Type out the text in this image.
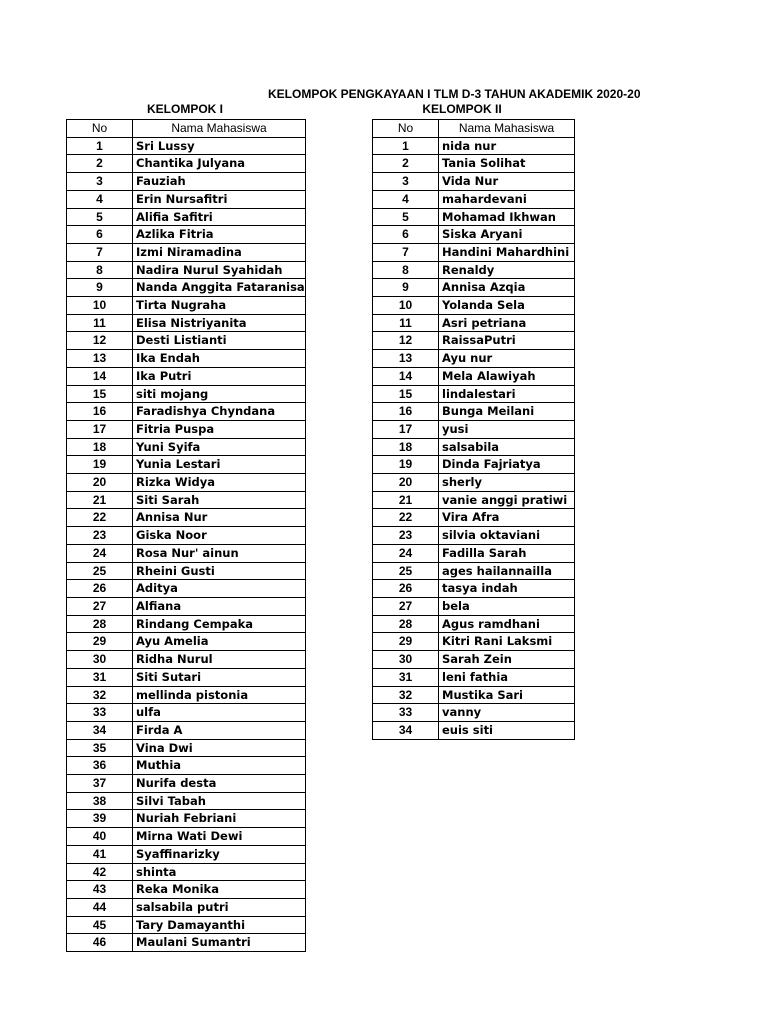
KELOMPOK PENGKAYAAN I TLM D-3 TAHUN AKADEMIK 2020-20
KELOMPOK I	KELOMPOK II
No	Nama Mahasiswa
1	Sri Lussy
2	Chantika Julyana
3	Fauziah
4	Erin Nursafitri
5	Alifia Safitri
6	Azlika Fitria
7	Izmi Niramadina
8	Nadira Nurul Syahidah
9	Nanda Anggita Fataranisa
10	Tirta Nugraha
11	Elisa Nistriyanita
12	Desti Listianti
13	Ika Endah
14	Ika Putri
15	siti mojang
16	Faradishya Chyndana
17	Fitria Puspa
18	Yuni Syifa
19	Yunia Lestari
20	Rizka Widya
21	Siti Sarah
22	Annisa Nur
23	Giska Noor
24	Rosa Nur' ainun
25	Rheini Gusti
26	Aditya
27	Alfiana
28	Rindang Cempaka
29	Ayu Amelia
30	Ridha Nurul
31	Siti Sutari
32	mellinda pistonia
33	ulfa
34	Firda A
35	Vina Dwi
36	Muthia
37	Nurifa desta
38	Silvi Tabah
39	Nuriah Febriani
40	Mirna Wati Dewi
41	Syaffinarizky
42	shinta
43	Reka Monika
44	salsabila putri
45	Tary Damayanthi
46	Maulani Sumantri
No	Nama Mahasiswa
1	nida nur
2	Tania Solihat
3	Vida Nur
4	mahardevani
5	Mohamad Ikhwan
6	Siska Aryani
7	Handini Mahardhini
8	Renaldy
9	Annisa Azqia
10	Yolanda Sela
11	Asri petriana
12	RaissaPutri
13	Ayu nur
14	Mela Alawiyah
15	lindalestari
16	Bunga Meilani
17	yusi
18	salsabila
19	Dinda Fajriatya
20	sherly
21	vanie anggi pratiwi
22	Vira Afra
23	silvia oktaviani
24	Fadilla Sarah
25	ages hailannailla
26	tasya indah
27	bela
28	Agus ramdhani
29	Kitri Rani Laksmi
30	Sarah Zein
31	leni fathia
32	Mustika Sari
33	vanny
34	euis siti
